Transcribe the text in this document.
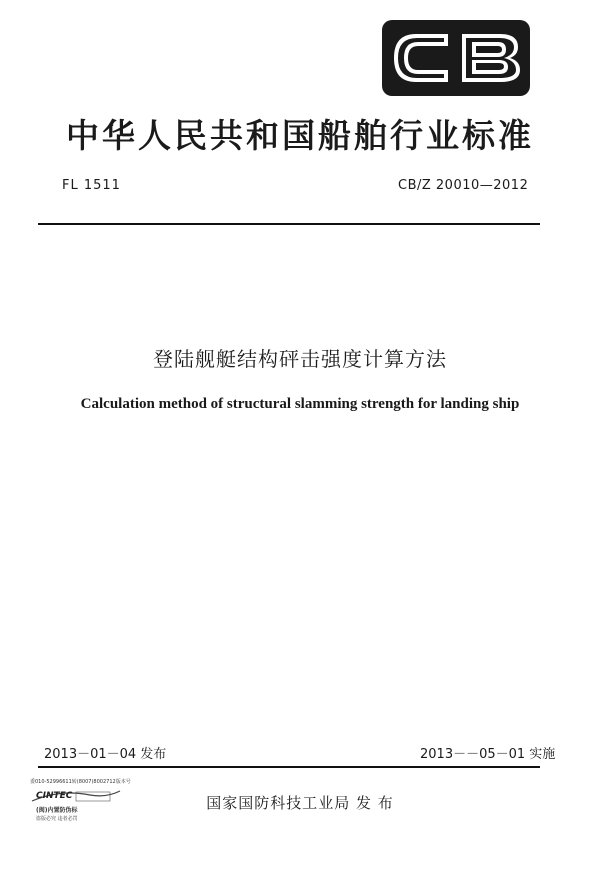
中华人民共和国船舶行业标准
FL 1511	CB/Z 20010—2012
登陆舰艇结构砰击强度计算方法
Calculation method of structural slamming strength for landing ship
2013－01－04 发布	2013－－05－01 实施
委010-52996611转(8007)8002712版本号
CINTEC
(闽)内置防伪标
盗版必究 违者必罚
国家国防科技工业局 发 布
